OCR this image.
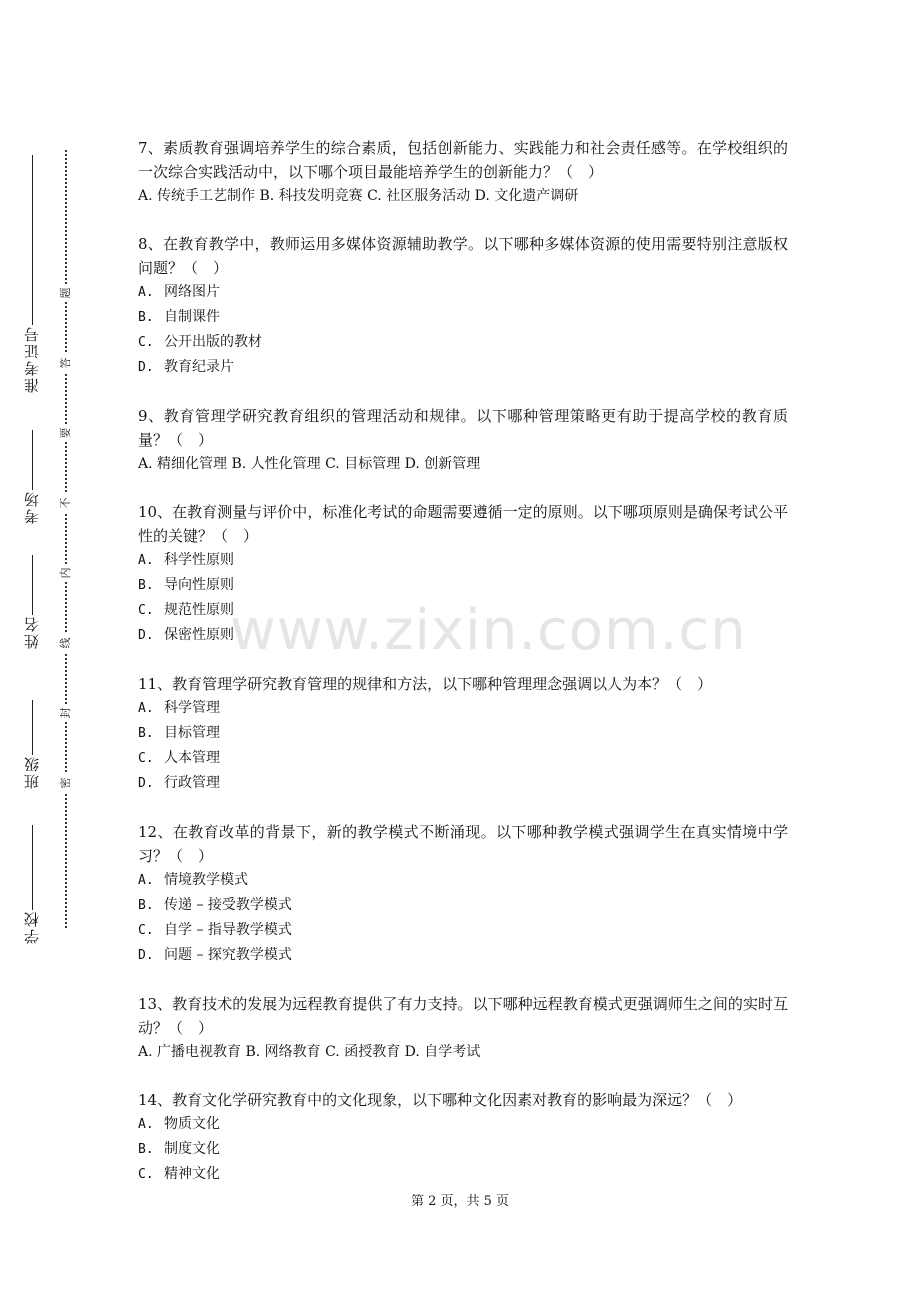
准考证号
考场
姓名
班级
学校
密
封
线
内
不
要
答
题
www.zixin.com.cn

7、素质教育强调培养学生的综合素质，包括创新能力、实践能力和社会责任感等。在学校组织的一次综合实践活动中，以下哪个项目最能培养学生的创新能力？（　）

A. 传统手工艺制作 B. 科技发明竞赛 C. 社区服务活动 D. 文化遗产调研

8、在教育教学中，教师运用多媒体资源辅助教学。以下哪种多媒体资源的使用需要特别注意版权问题？（　）

A. 网络图片

B. 自制课件

C. 公开出版的教材

D. 教育纪录片

9、教育管理学研究教育组织的管理活动和规律。以下哪种管理策略更有助于提高学校的教育质量？（　）

A. 精细化管理 B. 人性化管理 C. 目标管理 D. 创新管理

10、在教育测量与评价中，标准化考试的命题需要遵循一定的原则。以下哪项原则是确保考试公平性的关键？（　）

A. 科学性原则

B. 导向性原则

C. 规范性原则

D. 保密性原则

11、教育管理学研究教育管理的规律和方法，以下哪种管理理念强调以人为本？（　）

A. 科学管理

B. 目标管理

C. 人本管理

D. 行政管理

12、在教育改革的背景下，新的教学模式不断涌现。以下哪种教学模式强调学生在真实情境中学习？（　）

A. 情境教学模式

B. 传递 – 接受教学模式

C. 自学 – 指导教学模式

D. 问题 – 探究教学模式

13、教育技术的发展为远程教育提供了有力支持。以下哪种远程教育模式更强调师生之间的实时互动？（　）

A. 广播电视教育 B. 网络教育 C. 函授教育 D. 自学考试

14、教育文化学研究教育中的文化现象，以下哪种文化因素对教育的影响最为深远？（　）

A. 物质文化

B. 制度文化

C. 精神文化

第 2 页，共 5 页
